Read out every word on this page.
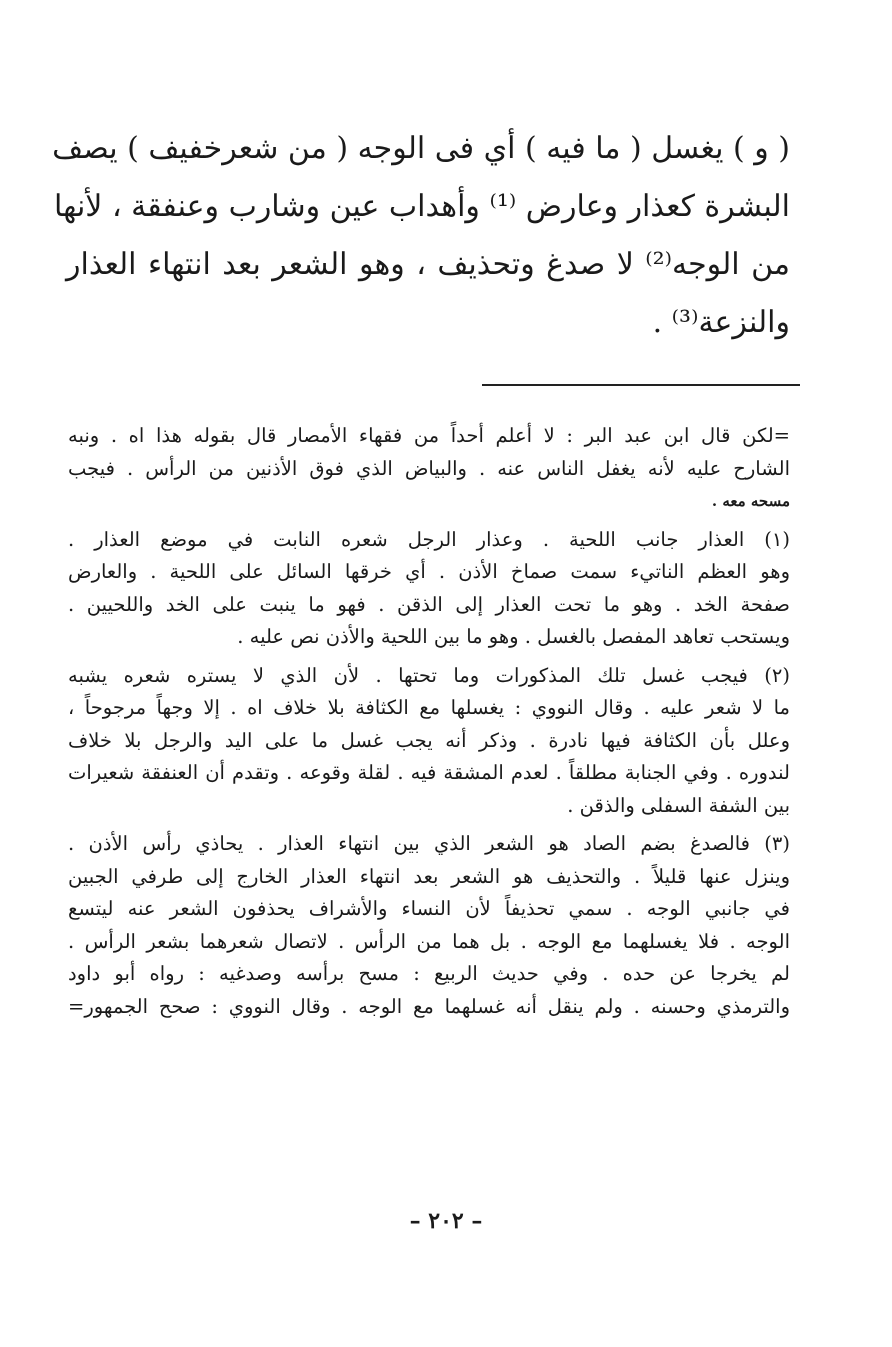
( و ) يغسل ( ما فيه ) أي فى الوجه ( من شعرخفيف ) يصف
البشرة كعذار وعارض ⁽¹⁾ وأهداب عين وشارب وعنفقة ، لأنها
من الوجه⁽²⁾ لا صدغ وتحذيف ، وهو الشعر بعد انتهاء العذار
والنزعة⁽³⁾ .
=لكن قال ابن عبد البر : لا أعلم أحداً من فقهاء الأمصار قال بقوله هذا اه . ونبه
الشارح عليه لأنه يغفل الناس عنه . والبياض الذي فوق الأذنين من الرأس . فيجب
مسحه معه .
(١) العذار جانب اللحية . وعذار الرجل شعره النابت في موضع العذار .
وهو العظم الناتيء سمت صماخ الأذن . أي خرقها السائل على اللحية . والعارض
صفحة الخد . وهو ما تحت العذار إلى الذقن . فهو ما ينبت على الخد واللحيين .
ويستحب تعاهد المفصل بالغسل . وهو ما بين اللحية والأذن نص عليه .
(٢) فيجب غسل تلك المذكورات وما تحتها . لأن الذي لا يستره شعره يشبه
ما لا شعر عليه . وقال النووي : يغسلها مع الكثافة بلا خلاف اه . إلا وجهاً مرجوحاً ،
وعلل بأن الكثافة فيها نادرة . وذكر أنه يجب غسل ما على اليد والرجل بلا خلاف
لندوره . وفي الجنابة مطلقاً . لعدم المشقة فيه . لقلة وقوعه . وتقدم أن العنفقة شعيرات
بين الشفة السفلى والذقن .
(٣) فالصدغ بضم الصاد هو الشعر الذي بين انتهاء العذار . يحاذي رأس الأذن .
وينزل عنها قليلاً . والتحذيف هو الشعر بعد انتهاء العذار الخارج إلى طرفي الجبين
في جانبي الوجه . سمي تحذيفاً لأن النساء والأشراف يحذفون الشعر عنه ليتسع
الوجه . فلا يغسلهما مع الوجه . بل هما من الرأس . لاتصال شعرهما بشعر الرأس .
لم يخرجا عن حده . وفي حديث الربيع : مسح برأسه وصدغيه : رواه أبو داود
والترمذي وحسنه . ولم ينقل أنه غسلهما مع الوجه . وقال النووي : صحح الجمهور=
– ٢٠٢ –
